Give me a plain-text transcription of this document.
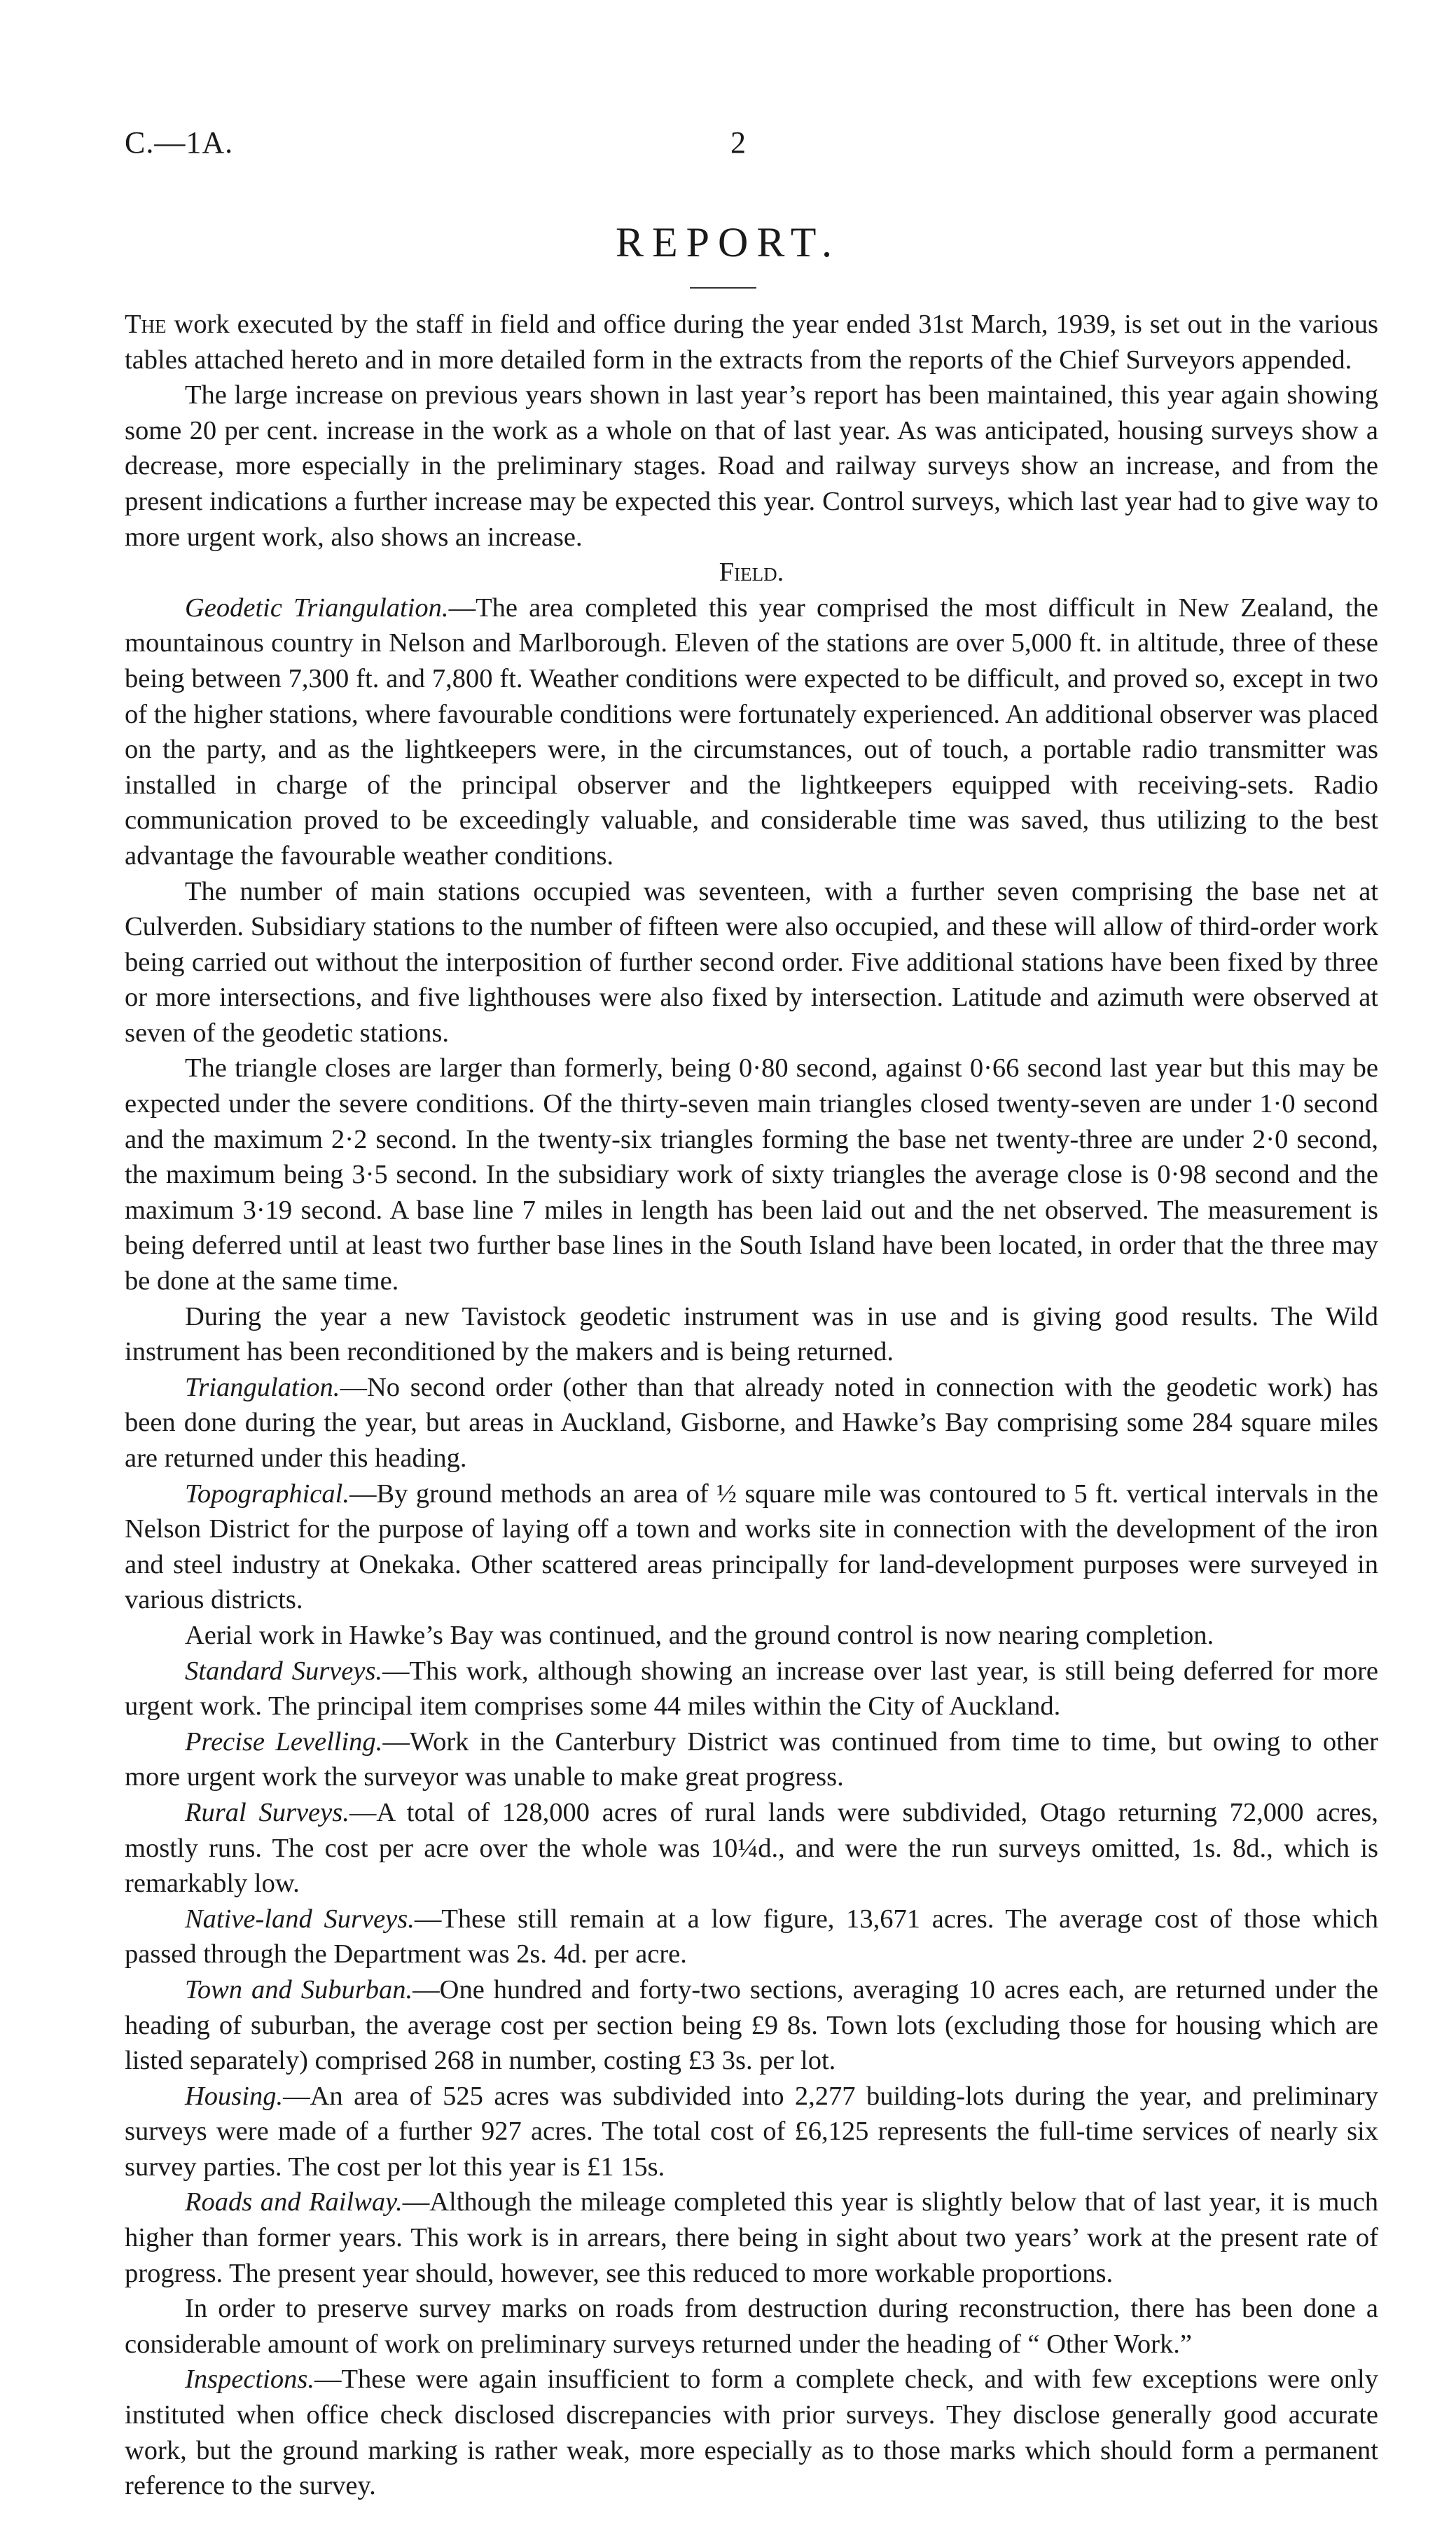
C.—1A.	2
REPORT.

The work executed by the staff in field and office during the year ended 31st March, 1939, is set out in the various tables attached hereto and in more detailed form in the extracts from the reports of the Chief Surveyors appended.

The large increase on previous years shown in last year’s report has been maintained, this year again showing some 20 per cent. increase in the work as a whole on that of last year. As was anticipated, housing surveys show a decrease, more especially in the preliminary stages. Road and railway surveys show an increase, and from the present indications a further increase may be expected this year. Control surveys, which last year had to give way to more urgent work, also shows an increase.

Field.

Geodetic Triangulation.—The area completed this year comprised the most difficult in New Zealand, the mountainous country in Nelson and Marlborough. Eleven of the stations are over 5,000 ft. in altitude, three of these being between 7,300 ft. and 7,800 ft. Weather conditions were expected to be difficult, and proved so, except in two of the higher stations, where favourable conditions were fortunately experienced. An additional observer was placed on the party, and as the lightkeepers were, in the circumstances, out of touch, a portable radio transmitter was installed in charge of the principal observer and the lightkeepers equipped with receiving-sets. Radio communication proved to be exceedingly valuable, and considerable time was saved, thus utilizing to the best advantage the favourable weather conditions.

The number of main stations occupied was seventeen, with a further seven comprising the base net at Culverden. Subsidiary stations to the number of fifteen were also occupied, and these will allow of third-order work being carried out without the interposition of further second order. Five additional stations have been fixed by three or more intersections, and five lighthouses were also fixed by intersection. Latitude and azimuth were observed at seven of the geodetic stations.

The triangle closes are larger than formerly, being 0·80 second, against 0·66 second last year but this may be expected under the severe conditions. Of the thirty-seven main triangles closed twenty-seven are under 1·0 second and the maximum 2·2 second. In the twenty-six triangles forming the base net twenty-three are under 2·0 second, the maximum being 3·5 second. In the subsidiary work of sixty triangles the average close is 0·98 second and the maximum 3·19 second. A base line 7 miles in length has been laid out and the net observed. The measurement is being deferred until at least two further base lines in the South Island have been located, in order that the three may be done at the same time.

During the year a new Tavistock geodetic instrument was in use and is giving good results. The Wild instrument has been reconditioned by the makers and is being returned.

Triangulation.—No second order (other than that already noted in connection with the geodetic work) has been done during the year, but areas in Auckland, Gisborne, and Hawke’s Bay comprising some 284 square miles are returned under this heading.

Topographical.—By ground methods an area of ½ square mile was contoured to 5 ft. vertical intervals in the Nelson District for the purpose of laying off a town and works site in connection with the development of the iron and steel industry at Onekaka. Other scattered areas principally for land-development purposes were surveyed in various districts.

Aerial work in Hawke’s Bay was continued, and the ground control is now nearing completion.

Standard Surveys.—This work, although showing an increase over last year, is still being deferred for more urgent work. The principal item comprises some 44 miles within the City of Auckland.

Precise Levelling.—Work in the Canterbury District was continued from time to time, but owing to other more urgent work the surveyor was unable to make great progress.

Rural Surveys.—A total of 128,000 acres of rural lands were subdivided, Otago returning 72,000 acres, mostly runs. The cost per acre over the whole was 10¼d., and were the run surveys omitted, 1s. 8d., which is remarkably low.

Native-land Surveys.—These still remain at a low figure, 13,671 acres. The average cost of those which passed through the Department was 2s. 4d. per acre.

Town and Suburban.—One hundred and forty-two sections, averaging 10 acres each, are returned under the heading of suburban, the average cost per section being £9 8s. Town lots (excluding those for housing which are listed separately) comprised 268 in number, costing £3 3s. per lot.

Housing.—An area of 525 acres was subdivided into 2,277 building-lots during the year, and preliminary surveys were made of a further 927 acres. The total cost of £6,125 represents the full-time services of nearly six survey parties. The cost per lot this year is £1 15s.

Roads and Railway.—Although the mileage completed this year is slightly below that of last year, it is much higher than former years. This work is in arrears, there being in sight about two years’ work at the present rate of progress. The present year should, however, see this reduced to more workable proportions.

In order to preserve survey marks on roads from destruction during reconstruction, there has been done a considerable amount of work on preliminary surveys returned under the heading of “ Other Work.”

Inspections.—These were again insufficient to form a complete check, and with few exceptions were only instituted when office check disclosed discrepancies with prior surveys. They disclose generally good accurate work, but the ground marking is rather weak, more especially as to those marks which should form a permanent reference to the survey.
